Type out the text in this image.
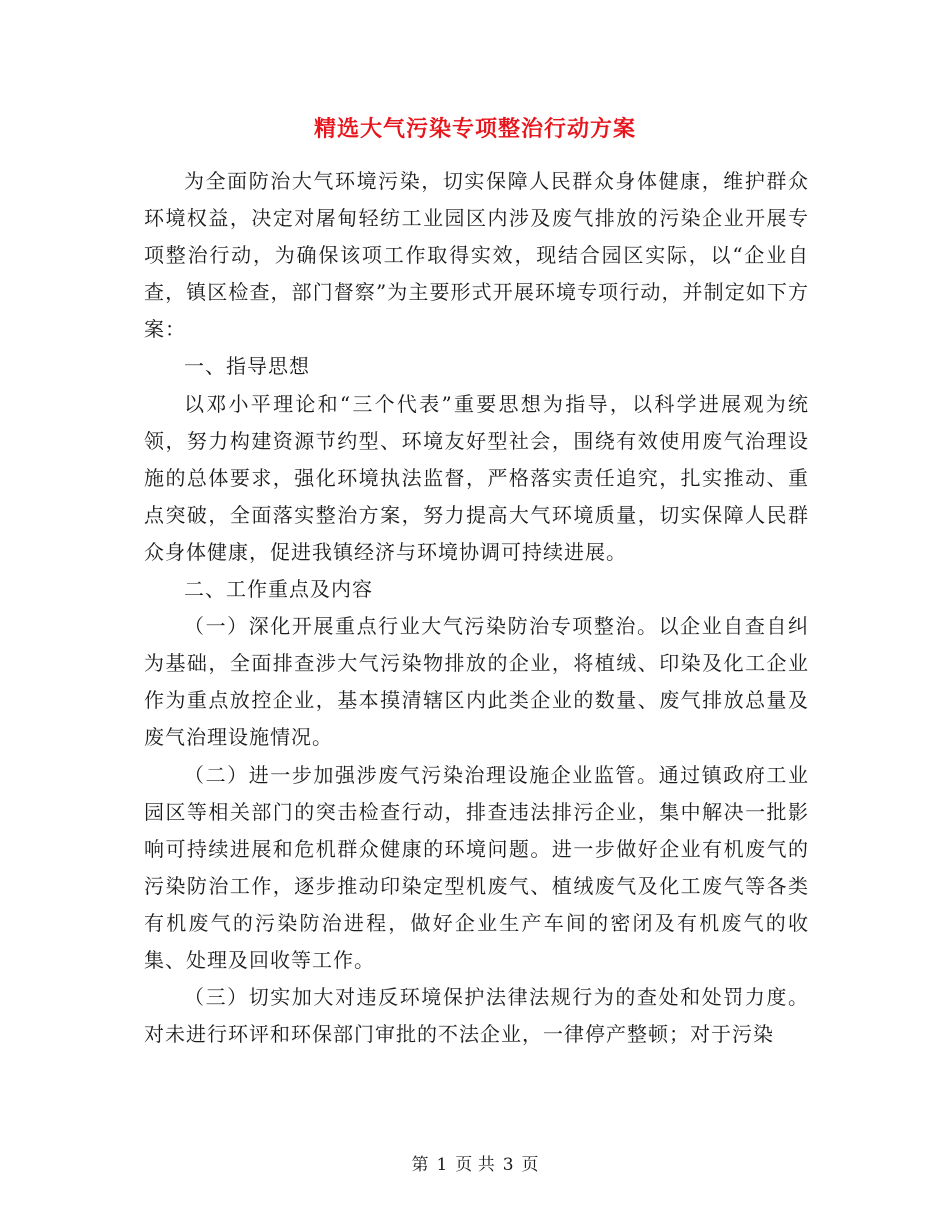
精选大气污染专项整治行动方案

为全面防治大气环境污染，切实保障人民群众身体健康，维护群众环境权益，决定对屠甸轻纺工业园区内涉及废气排放的污染企业开展专项整治行动，为确保该项工作取得实效，现结合园区实际，以“企业自查，镇区检查，部门督察”为主要形式开展环境专项行动，并制定如下方案：

一、指导思想

以邓小平理论和“三个代表”重要思想为指导，以科学进展观为统领，努力构建资源节约型、环境友好型社会，围绕有效使用废气治理设施的总体要求，强化环境执法监督，严格落实责任追究，扎实推动、重点突破，全面落实整治方案，努力提高大气环境质量，切实保障人民群众身体健康，促进我镇经济与环境协调可持续进展。

二、工作重点及内容

（一）深化开展重点行业大气污染防治专项整治。以企业自查自纠为基础，全面排查涉大气污染物排放的企业，将植绒、印染及化工企业作为重点放控企业，基本摸清辖区内此类企业的数量、废气排放总量及废气治理设施情况。

（二）进一步加强涉废气污染治理设施企业监管。通过镇政府工业园区等相关部门的突击检查行动，排查违法排污企业，集中解决一批影响可持续进展和危机群众健康的环境问题。进一步做好企业有机废气的污染防治工作，逐步推动印染定型机废气、植绒废气及化工废气等各类有机废气的污染防治进程，做好企业生产车间的密闭及有机废气的收集、处理及回收等工作。

（三）切实加大对违反环境保护法律法规行为的查处和处罚力度。对未进行环评和环保部门审批的不法企业，一律停产整顿；对于污染

第 1 页 共 3 页
